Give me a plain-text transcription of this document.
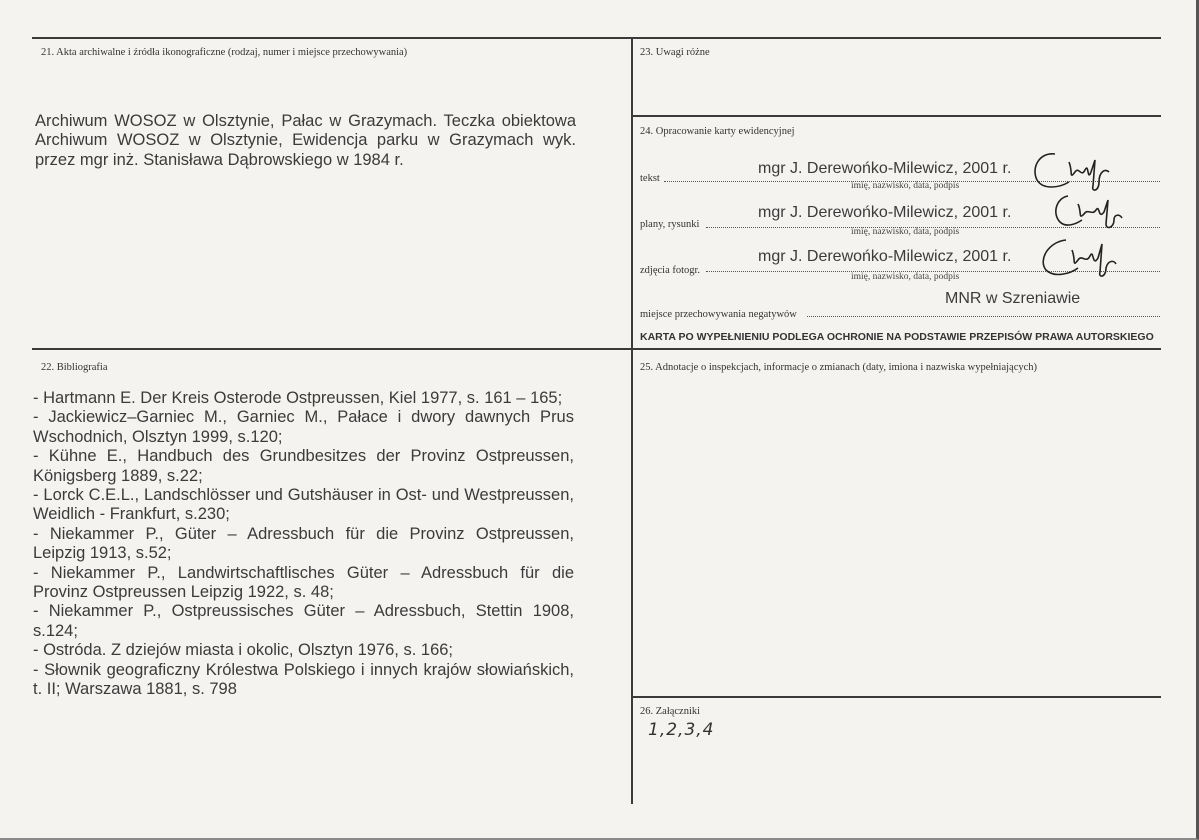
21. Akta archiwalne i źródła ikonograficzne (rodzaj, numer i miejsce przechowywania)
Archiwum WOSOZ w Olsztynie, Pałac w Grazymach. Teczka obiektowa
Archiwum WOSOZ w Olsztynie, Ewidencja parku w Grazymach wyk.
przez mgr inż. Stanisława Dąbrowskiego w 1984 r.
22. Bibliografia
- Hartmann E. Der Kreis Osterode Ostpreussen, Kiel 1977, s. 161 – 165;
- Jackiewicz–Garniec M., Garniec M., Pałace i dwory dawnych Prus
Wschodnich, Olsztyn 1999, s.120;
- Kühne E., Handbuch des Grundbesitzes der Provinz Ostpreussen,
Königsberg 1889, s.22;
- Lorck C.E.L., Landschlösser und Gutshäuser in Ost- und Westpreussen,
Weidlich - Frankfurt, s.230;
- Niekammer P., Güter – Adressbuch für die Provinz Ostpreussen,
Leipzig 1913, s.52;
- Niekammer P., Landwirtschaftlisches Güter – Adressbuch für die
Provinz Ostpreussen Leipzig 1922, s. 48;
- Niekammer P., Ostpreussisches Güter – Adressbuch, Stettin 1908,
s.124;
- Ostróda. Z dziejów miasta i okolic, Olsztyn 1976, s. 166;
- Słownik geograficzny Królestwa Polskiego i innych krajów słowiańskich,
t. II; Warszawa 1881, s. 798
23. Uwagi różne
24. Opracowanie karty ewidencyjnej
tekst
mgr J. Derewońko-Milewicz, 2001 r.
imię, nazwisko, data, podpis
plany, rysunki
mgr J. Derewońko-Milewicz, 2001 r.
imię, nazwisko, data, podpis
zdjęcia fotogr.
mgr J. Derewońko-Milewicz, 2001 r.
imię, nazwisko, data, podpis
MNR w Szreniawie
miejsce przechowywania negatywów
KARTA PO WYPEŁNIENIU PODLEGA OCHRONIE NA PODSTAWIE PRZEPISÓW PRAWA AUTORSKIEGO
25. Adnotacje o inspekcjach, informacje o zmianach (daty, imiona i nazwiska wypełniających)
26. Załączniki
1,2,3,4
